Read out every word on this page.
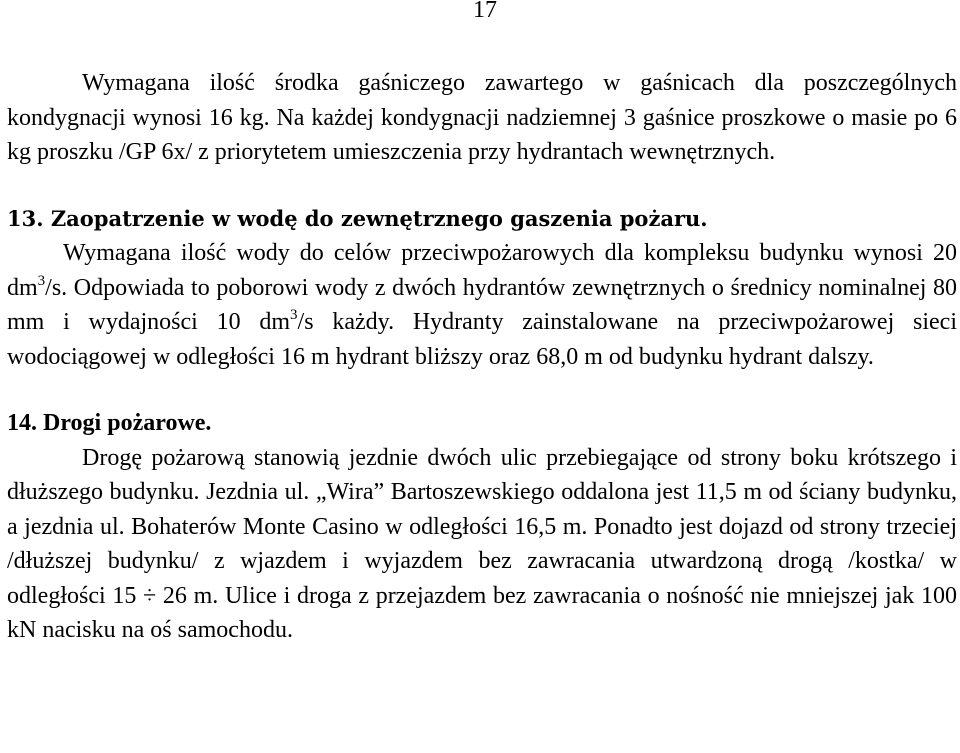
17

Wymagana ilość środka gaśniczego zawartego w gaśnicach dla poszczególnych kondygnacji wynosi 16 kg. Na każdej kondygnacji nadziemnej 3 gaśnice proszkowe o masie po 6 kg proszku /GP 6x/ z priorytetem umieszczenia przy hydrantach wewnętrznych.

13. Zaopatrzenie w wodę do zewnętrznego gaszenia pożaru.

Wymagana ilość wody do celów przeciwpożarowych dla kompleksu budynku wynosi 20 $dm^3/s$. Odpowiada to poborowi wody z dwóch hydrantów zewnętrznych o średnicy nominalnej 80 mm i wydajności 10 $dm^3/s$ każdy. Hydranty zainstalowane na przeciwpożarowej sieci wodociągowej w odległości 16 m hydrant bliższy oraz 68,0 m od budynku hydrant dalszy.

14. Drogi pożarowe.

Drogę pożarową stanowią jezdnie dwóch ulic przebiegające od strony boku krótszego i dłuższego budynku. Jezdnia ul. „Wira” Bartoszewskiego oddalona jest 11,5 m od ściany budynku, a jezdnia ul. Bohaterów Monte Casino w odległości 16,5 m. Ponadto jest dojazd od strony trzeciej /dłuższej budynku/ z wjazdem i wyjazdem bez zawracania utwardzoną drogą /kostka/ w odległości 15 ÷ 26 m. Ulice i droga z przejazdem bez zawracania o nośność nie mniejszej jak 100 kN nacisku na oś samochodu.
